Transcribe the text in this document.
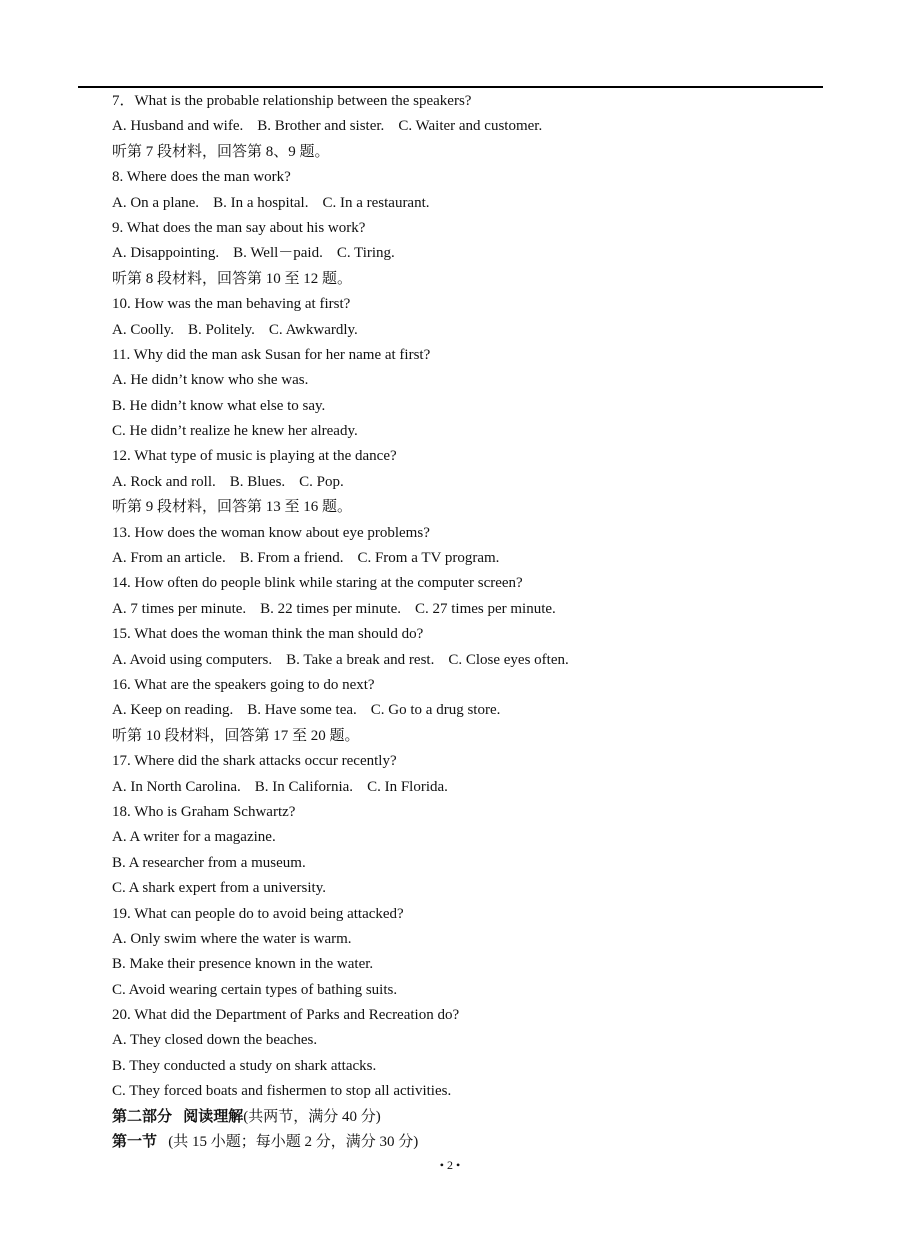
7．What is the probable relationship between the speakers?
A. Husband and wife. B. Brother and sister. C. Waiter and customer.
听第 7 段材料，回答第 8、9 题。
8. Where does the man work?
A. On a plane. B. In a hospital. C. In a restaurant.
9. What does the man say about his work?
A. Disappointing. B. Well－paid. C. Tiring.
听第 8 段材料，回答第 10 至 12 题。
10. How was the man behaving at first?
A. Coolly. B. Politely. C. Awkwardly.
11. Why did the man ask Susan for her name at first?
A. He didn’t know who she was.
B. He didn’t know what else to say.
C. He didn’t realize he knew her already.
12. What type of music is playing at the dance?
A. Rock and roll. B. Blues. C. Pop.
听第 9 段材料，回答第 13 至 16 题。
13. How does the woman know about eye problems?
A. From an article. B. From a friend. C. From a TV program.
14. How often do people blink while staring at the computer screen?
A. 7 times per minute. B. 22 times per minute. C. 27 times per minute.
15. What does the woman think the man should do?
A. Avoid using computers. B. Take a break and rest. C. Close eyes often.
16. What are the speakers going to do next?
A. Keep on reading. B. Have some tea. C. Go to a drug store.
听第 10 段材料，回答第 17 至 20 题。
17. Where did the shark attacks occur recently?
A. In North Carolina. B. In California. C. In Florida.
18. Who is Graham Schwartz?
A. A writer for a magazine.
B. A researcher from a museum.
C. A shark expert from a university.
19. What can people do to avoid being attacked?
A. Only swim where the water is warm.
B. Make their presence known in the water.
C. Avoid wearing certain types of bathing suits.
20. What did the Department of Parks and Recreation do?
A. They closed down the beaches.
B. They conducted a study on shark attacks.
C. They forced boats and fishermen to stop all activities.
第二部分 阅读理解(共两节，满分 40 分)
第一节 (共 15 小题；每小题 2 分，满分 30 分)
• 2 •
